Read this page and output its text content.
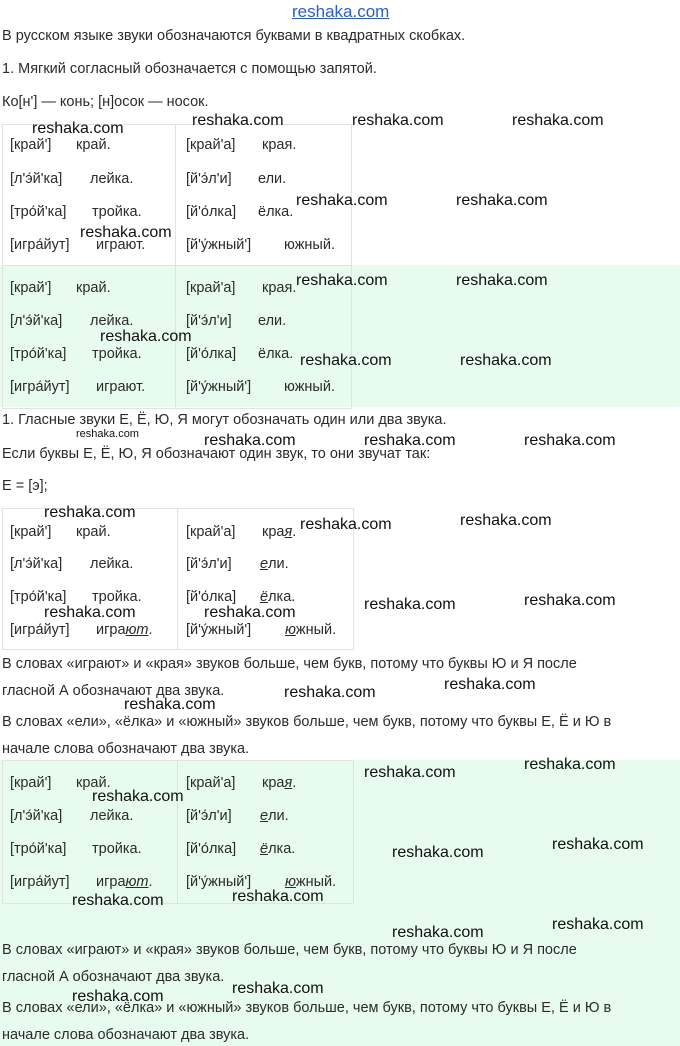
reshaka.com
В русском языке звуки обозначаются буквами в квадратных скобках.
1. Мягкий согласный обозначается с помощью запятой.
Ко[н'] — конь; [н]осок — носок.
1. Гласные звуки Е, Ё, Ю, Я могут обозначать один или два звука.
Если буквы Е, Ё, Ю, Я обозначают один звук, то они звучат так:
Е = [э];
В словах «играют» и «края» звуков больше, чем букв, потому что буквы Ю и Я после
гласной А обозначают два звука.
В словах «ели», «ёлка» и «южный» звуков больше, чем букв, потому что буквы Е, Ё и Ю в
начале слова обозначают два звука.
В словах «играют» и «края» звуков больше, чем букв, потому что буквы Ю и Я после
гласной А обозначают два звука.
В словах «ели», «ёлка» и «южный» звуков больше, чем букв, потому что буквы Е, Ё и Ю в
начале слова обозначают два звука.
[край'] край.	[край'а] края.
[л'э́й'ка] лейка.	[й'э́л'и] ели.
[тро́й'ка] тройка.	[й'о́лка] ёлка.
[игра́йут] играют.	[й'у́жный'] южный.
[край'] край.	[край'а] края.
[л'э́й'ка] лейка.	[й'э́л'и] ели.
[тро́й'ка] тройка.	[й'о́лка] ёлка.
[игра́йут] играют.	[й'у́жный'] южный.
[край'] край.	[край'а] края.
[л'э́й'ка] лейка.	[й'э́л'и] ели.
[тро́й'ка] тройка.	[й'о́лка] ёлка.
[игра́йут] играют. [й'у́жный'] южный.
[край'] край.	[край'а] края.
[л'э́й'ка] лейка.	[й'э́л'и] ели.
[тро́й'ка] тройка.	[й'о́лка] ёлка.
[игра́йут] играют. [й'у́жный'] южный.
reshaka.com	reshaka.com	reshaka.com	reshaka.com
reshaka.com	reshaka.com
reshaka.com
reshaka.com	reshaka.com
reshaka.com
reshaka.com	reshaka.com
reshaka.com	reshaka.com	reshaka.com	reshaka.com
reshaka.com
reshaka.com	reshaka.com
reshaka.com	reshaka.com
reshaka.com	reshaka.com
reshaka.com
reshaka.com	reshaka.com
reshaka.com	reshaka.com
reshaka.com
reshaka.com	reshaka.com
reshaka.com
reshaka.com
reshaka.com	reshaka.com
reshaka.com
reshaka.com
